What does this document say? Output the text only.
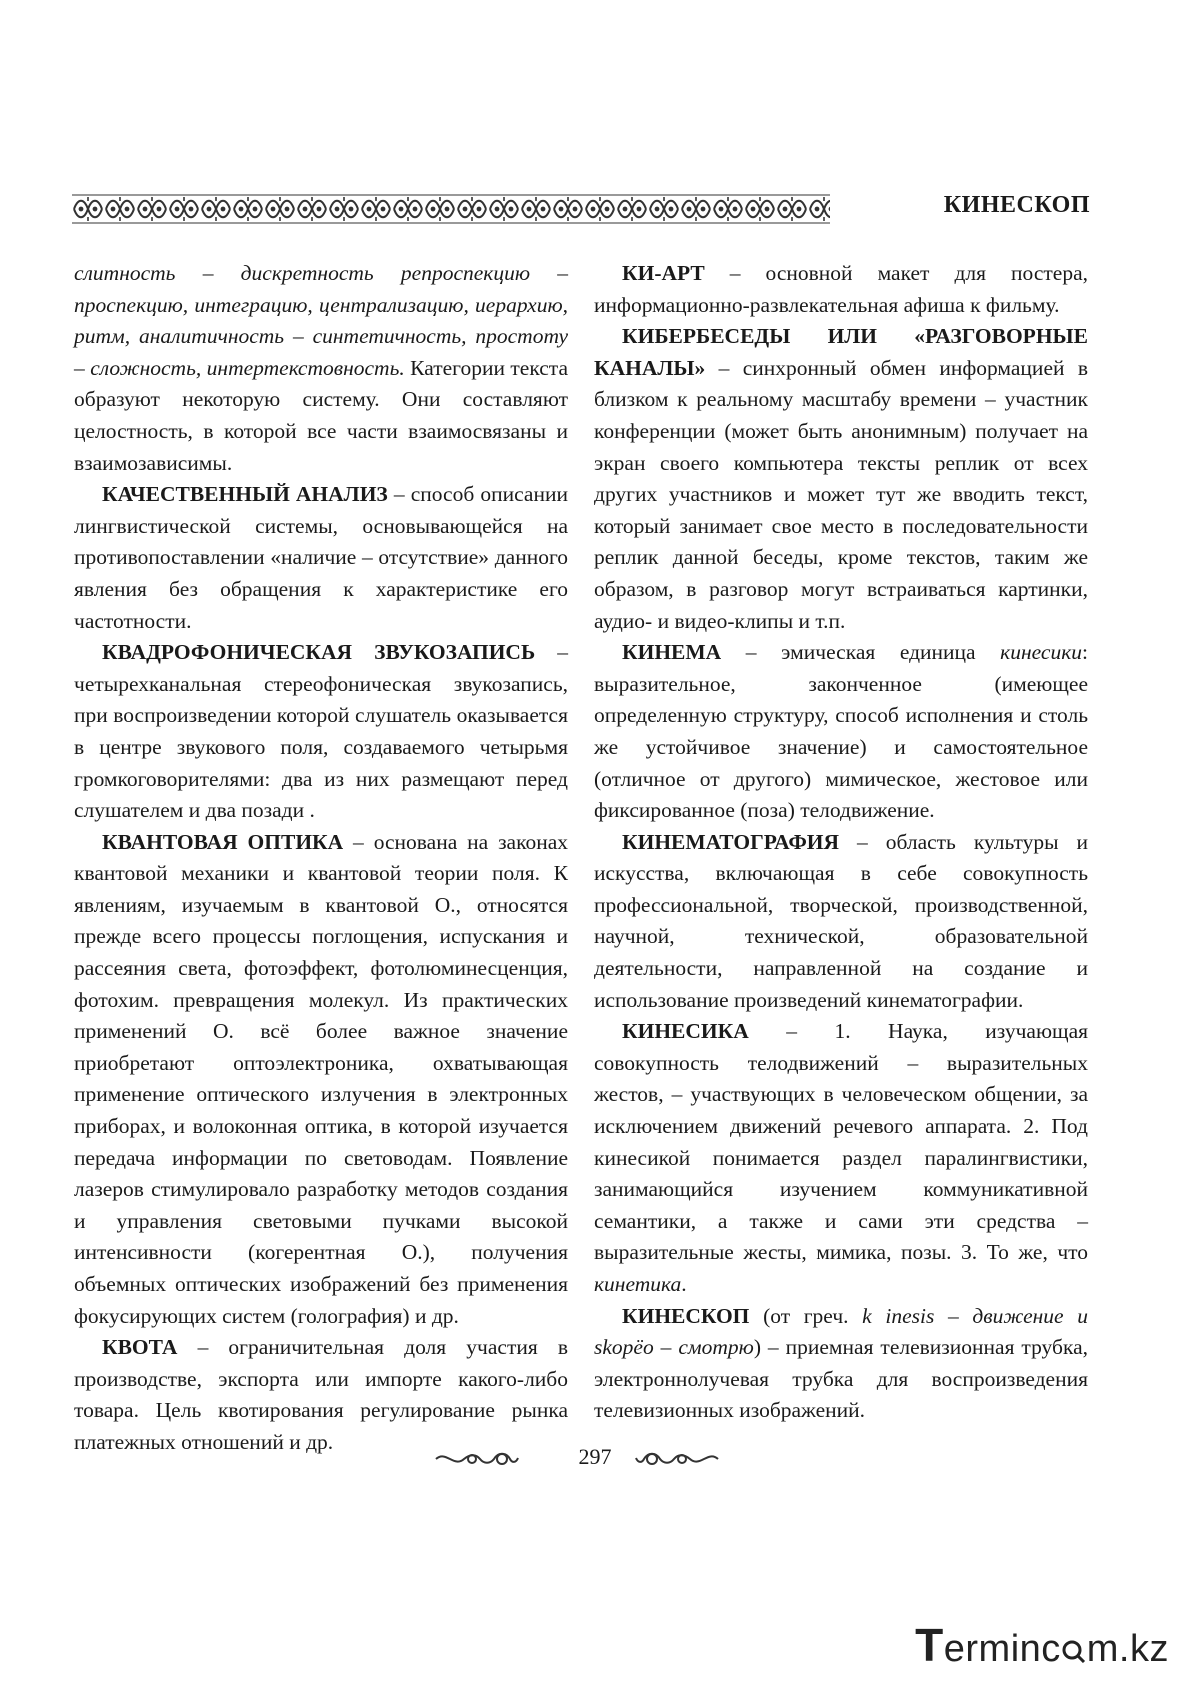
КИНЕСКОП

слитность – дискретность репроспекцию – проспекцию, интеграцию, централизацию, иерархию, ритм, аналитичность – синтетичность, простоту – сложность, интертекстовность. Категории текста образуют некоторую систему. Они составляют целостность, в которой все части взаимосвязаны и взаимозависимы.

КАЧЕСТВЕННЫЙ АНАЛИЗ – способ описании лингвистической системы, основывающейся на противопоставлении «наличие – отсутствие» данного явления без обращения к характеристике его частотности.

КВАДРОФОНИЧЕСКАЯ ЗВУКОЗАПИСЬ – четырехканальная стереофоническая звукозапись, при воспроизведении которой слушатель оказывается в центре звукового поля, создаваемого четырьмя громкоговорителями: два из них размещают перед слушателем и два позади .

КВАНТОВАЯ ОПТИКА – основана на законах квантовой механики и квантовой теории поля. К явлениям, изучаемым в квантовой О., относятся прежде всего процессы поглощения, испускания и рассеяния света, фотоэффект, фотолюминесценция, фотохим. превращения молекул. Из практических применений О. всё более важное значение приобретают оптоэлектроника, охватывающая применение оптического излучения в электронных приборах, и волоконная оптика, в которой изучается передача информации по световодам. Появление лазеров стимулировало разработку методов создания и управления световыми пучками высокой интенсивности (когерентная О.), получения объемных оптических изображений без применения фокусирующих систем (голография) и др.

КВОТА – ограничительная доля участия в производстве, экспорта или импорте какого-либо товара. Цель квотирования регулирование рынка платежных отношений и др.

КИ-АРТ – основной макет для постера, информационно-развлекательная афиша к фильму.

КИБЕРБЕСЕДЫ ИЛИ «РАЗГОВОРНЫЕ КАНАЛЫ» – синхронный обмен информацией в близком к реальному масштабу времени – участник конференции (может быть анонимным) получает на экран своего компьютера тексты реплик от всех других участников и может тут же вводить текст, который занимает свое место в последовательности реплик данной беседы, кроме текстов, таким же образом, в разговор могут встраиваться картинки, аудио- и видео-клипы и т.п.

КИНЕМА – эмическая единица кинесики: выразительное, законченное (имеющее определенную структуру, способ исполнения и столь же устойчивое значение) и самостоятельное (отличное от другого) мимическое, жестовое или фиксированное (поза) телодвижение.

КИНЕМАТОГРАФИЯ – область культуры и искусства, включающая в себе совокупность профессиональной, творческой, производственной, научной, технической, образовательной деятельности, направленной на создание и использование произведений кинематографии.

КИНЕСИКА – 1. Наука, изучающая совокупность телодвижений – выразительных жестов, – участвующих в человеческом общении, за исключением движений речевого аппарата. 2. Под кинесикой понимается раздел паралингвистики, занимающийся изучением коммуникативной семантики, а также и сами эти средства – выразительные жесты, мимика, позы. 3. То же, что кинетика.

КИНЕСКОП (от греч. k inesis – движение и skopёо – смотрю) – приемная телевизионная трубка, электроннолучевая трубка для воспроизведения телевизионных изображений.

297
Terminc m.kz
